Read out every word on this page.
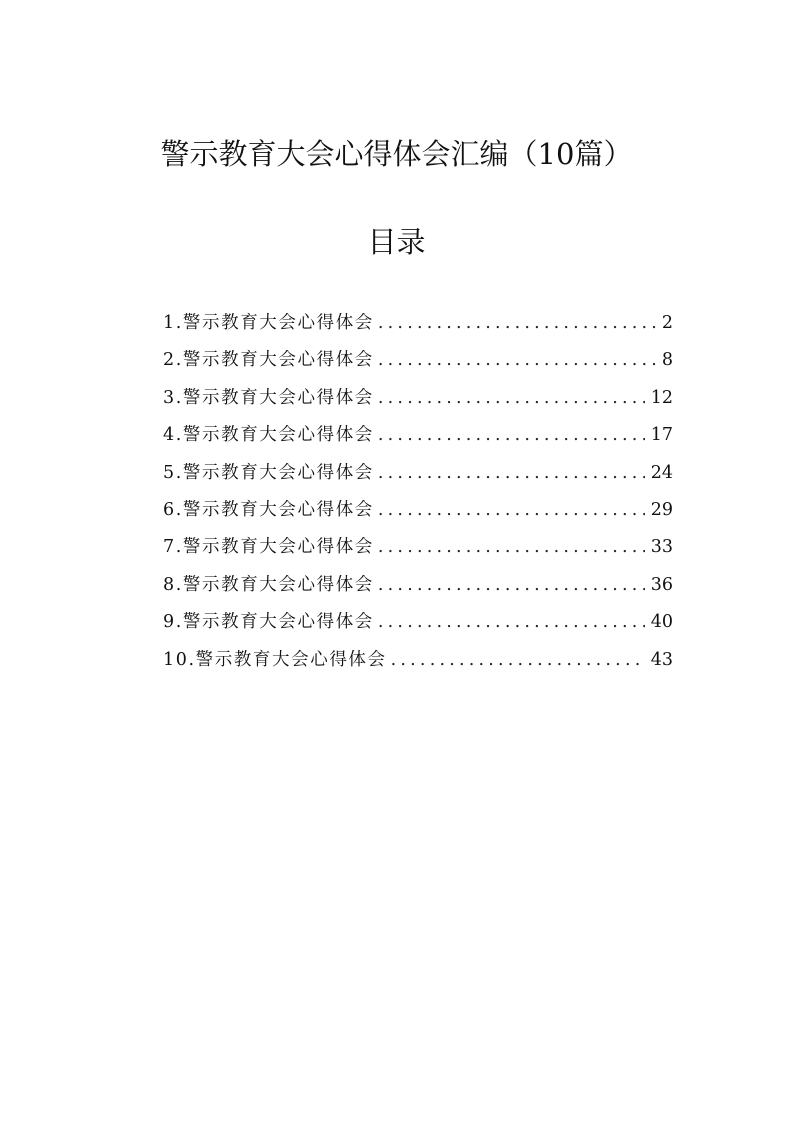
警示教育大会心得体会汇编（10篇）
目录
1.警示教育大会心得体会 .....	2
2.警示教育大会心得体会 .....	8
3.警示教育大会心得体会 .....	12
4.警示教育大会心得体会 .....	17
5.警示教育大会心得体会 .....	24
6.警示教育大会心得体会 .....	29
7.警示教育大会心得体会 .....	33
8.警示教育大会心得体会 .....	36
9.警示教育大会心得体会 .....	40
10.警示教育大会心得体会 .....	43
